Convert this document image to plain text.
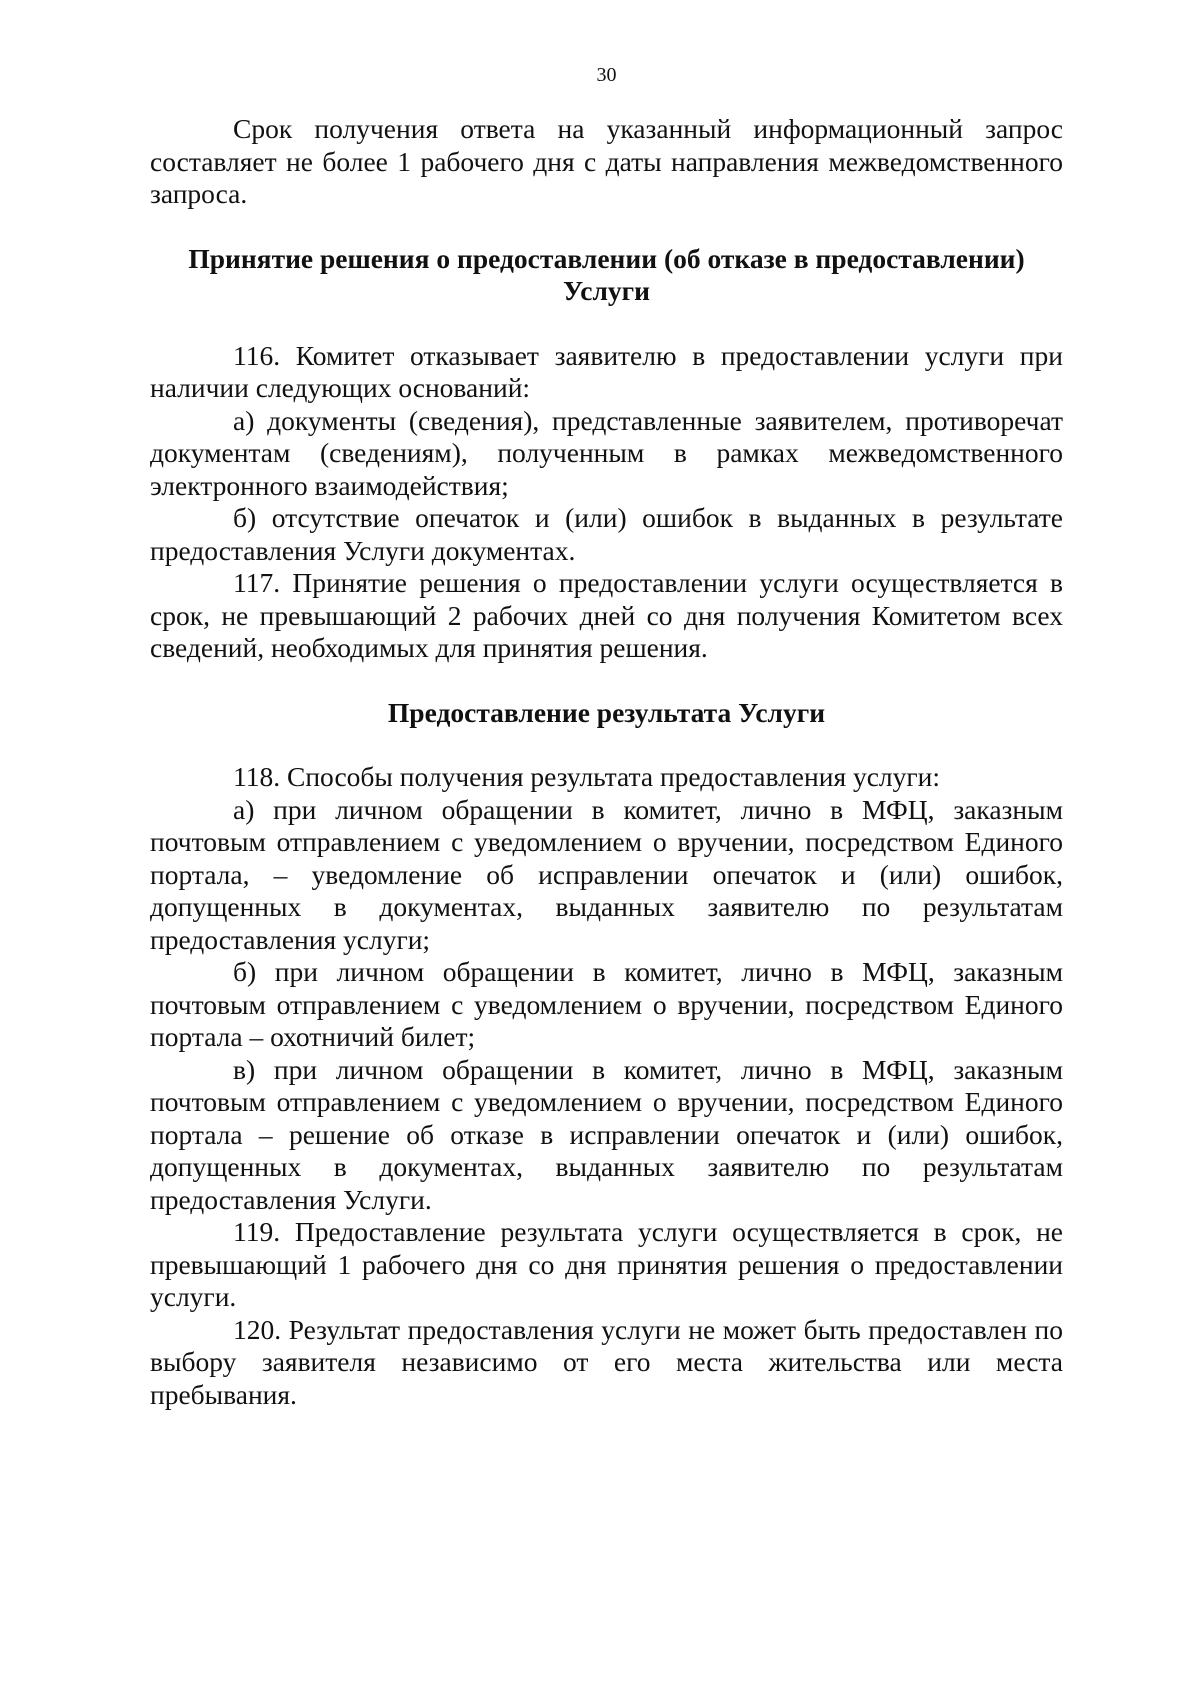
30

Срок получения ответа на указанный информационный запрос составляет не более 1 рабочего дня с даты направления межведомственного запроса.

Принятие решения о предоставлении (об отказе в предоставлении) Услуги

116. Комитет отказывает заявителю в предоставлении услуги при наличии следующих оснований:

а) документы (сведения), представленные заявителем, противоречат документам (сведениям), полученным в рамках межведомственного электронного взаимодействия;

б) отсутствие опечаток и (или) ошибок в выданных в результате предоставления Услуги документах.

117. Принятие решения о предоставлении услуги осуществляется в срок, не превышающий 2 рабочих дней со дня получения Комитетом всех сведений, необходимых для принятия решения.

Предоставление результата Услуги

118. Способы получения результата предоставления услуги:

а) при личном обращении в комитет, лично в МФЦ, заказным почтовым отправлением с уведомлением о вручении, посредством Единого портала, – уведомление об исправлении опечаток и (или) ошибок, допущенных в документах, выданных заявителю по результатам предоставления услуги;

б) при личном обращении в комитет, лично в МФЦ, заказным почтовым отправлением с уведомлением о вручении, посредством Единого портала – охотничий билет;

в) при личном обращении в комитет, лично в МФЦ, заказным почтовым отправлением с уведомлением о вручении, посредством Единого портала – решение об отказе в исправлении опечаток и (или) ошибок, допущенных в документах, выданных заявителю по результатам предоставления Услуги.

119. Предоставление результата услуги осуществляется в срок, не превышающий 1 рабочего дня со дня принятия решения о предоставлении услуги.

120. Результат предоставления услуги не может быть предоставлен по выбору заявителя независимо от его места жительства или места пребывания.
